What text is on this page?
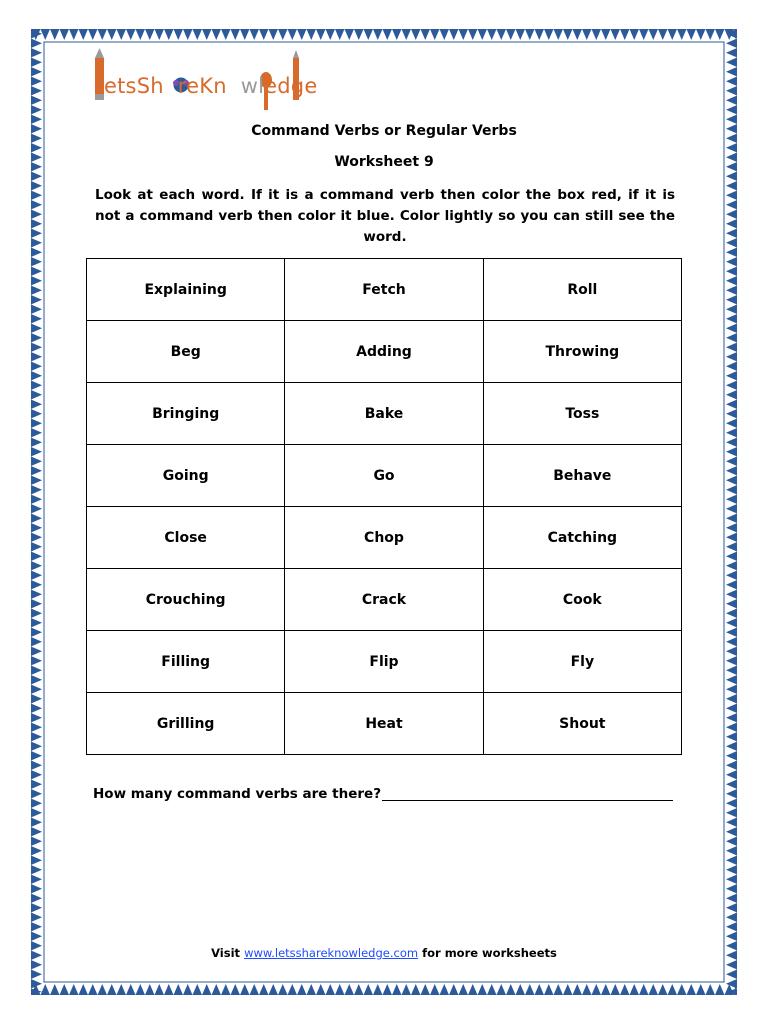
etsSh reKn wledge
Command Verbs or Regular Verbs
Worksheet 9
Look at each word. If it is a command verb then color the box red, if it is not a command verb then color it blue. Color lightly so you can still see the word.
Explaining	Fetch	Roll
Beg	Adding	Throwing
Bringing	Bake	Toss
Going	Go	Behave
Close	Chop	Catching
Crouching	Crack	Cook
Filling	Flip	Fly
Grilling	Heat	Shout
How many command verbs are there?
Visit www.letsshareknowledge.com for more worksheets
